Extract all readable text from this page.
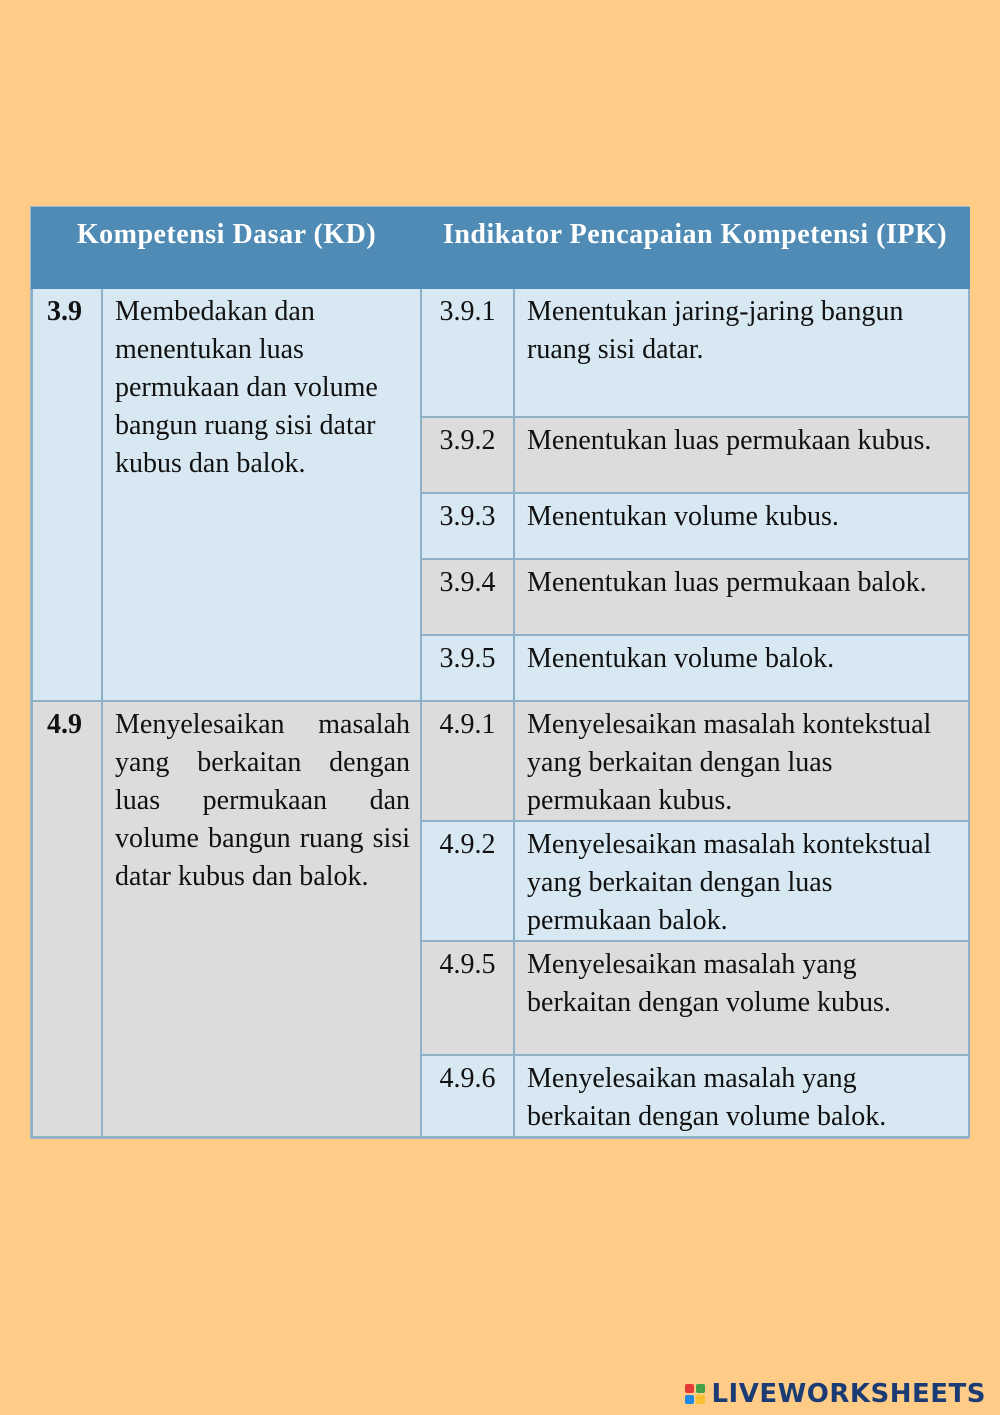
Kompetensi Dasar (KD)		Indikator Pencapaian Kompetensi (IPK)	
3.9	Membedakan dan menentukan luas permukaan dan volume bangun ruang sisi datar kubus dan balok.	3.9.1	Menentukan jaring-jaring bangun ruang sisi datar.
		3.9.2	Menentukan luas permukaan kubus.
		3.9.3	Menentukan volume kubus.
		3.9.4	Menentukan luas permukaan balok.
		3.9.5	Menentukan volume balok.
4.9	Menyelesaikan masalah yang berkaitan dengan luas permukaan dan volume bangun ruang sisi datar kubus dan balok.	4.9.1	Menyelesaikan masalah kontekstual yang berkaitan dengan luas permukaan kubus.
		4.9.2	Menyelesaikan masalah kontekstual yang berkaitan dengan luas permukaan balok.
		4.9.5	Menyelesaikan masalah yang berkaitan dengan volume kubus.
		4.9.6	Menyelesaikan masalah yang berkaitan dengan volume balok.
LIVEWORKSHEETS
